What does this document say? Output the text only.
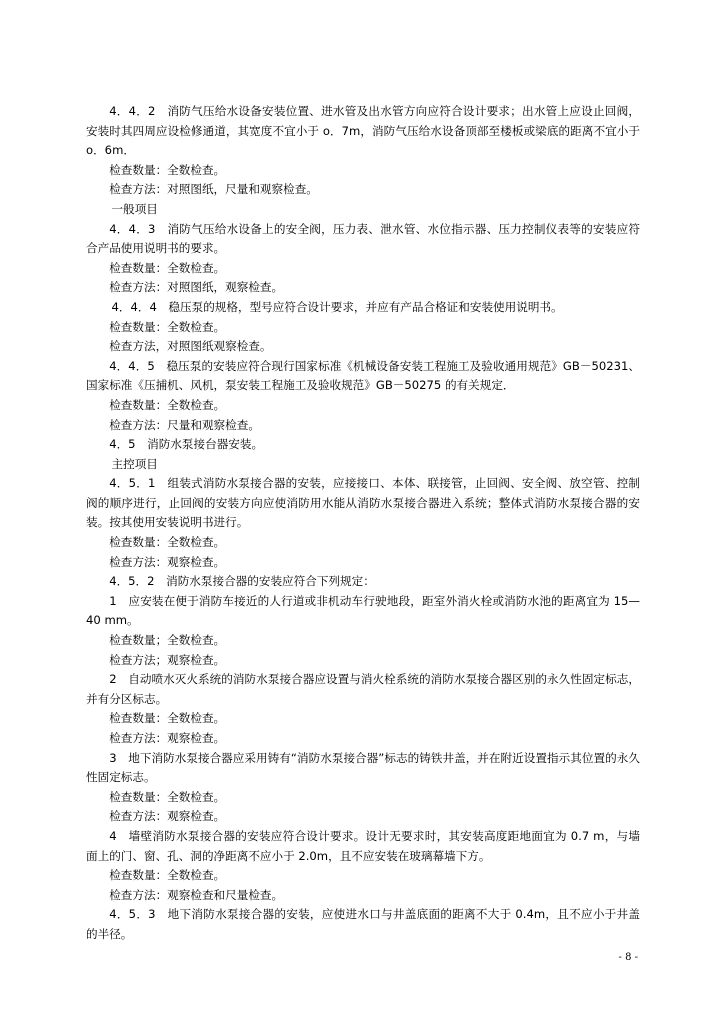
4．4．2　消防气压给水设备安装位置、进水管及出水管方向应符合设计要求；出水管上应设止回阀，安装时其四周应设检修通道，其宽度不宜小于 o．7m，消防气压给水设备顶部至楼板或梁底的距离不宜小于 o．6m．

检查数量：全数检查。

检查方法：对照图纸，尺量和观察检查。

一般项目

4．4．3　消防气压给水设备上的安全阀，压力表、泄水管、水位指示器、压力控制仪表等的安装应符合产品使用说明书的要求。

检查数量：全数检查。

检查方法：对照图纸，观察检查。

4．4．4　稳压泵的规格，型号应符合设计要求，并应有产品合格证和安装使用说明书。

检查数量：全数检查。

检查方法，对照图纸观察检查。

4．4．5　稳压泵的安装应符合现行国家标准《机械设备安装工程施工及验收通用规范》GB－50231、国家标准《压捕机、风机，泵安装工程施工及验收规范》GB－50275 的有关规定．

检查数量：全数检查。

检查方法：尺量和观察检查。

4．5　消防水泵接台器安装。

主控项目

4．5．1　组装式消防水泵接合器的安装，应接接口、本体、联接管，止回阀、安全阀、放空管、控制阀的顺序进行，止回阀的安装方向应使消防用水能从消防水泵接合器进入系统；整体式消防水泵接合器的安装。按其使用安装说明书进行。

检查数量：全数检查。

检查方法：观察检查。

4．5．2　消防水泵接合器的安装应符合下列规定：

1　应安装在便于消防车接近的人行道或非机动车行驶地段，距室外消火栓或消防水池的距离宜为 15—40 mm。

检查数量；全数检查。

检查方法；观察检查。

2　自动喷水灭火系统的消防水泵接合器应设置与消火栓系统的消防水泵接合器区别的永久性固定标志，并有分区标志。

检查数量：全数检查。

检查方法：观察检查。

3　地下消防水泵接合器应采用铸有“消防水泵接合器”标志的铸铁井盖，并在附近设置指示其位置的永久性固定标志。

检查数量：全数检查。

检查方法：观察检查。

4　墙壁消防水泵接合器的安装应符合设计要求。设计无要求时，其安装高度距地面宜为 0.7 m，与墙面上的门、窗、孔、洞的净距离不应小于 2.0m，且不应安装在玻璃幕墙下方。

检查数量：全数检查。

检查方法：观察检查和尺量检查。

4．5．3　地下消防水泵接合器的安装，应使进水口与井盖底面的距离不大于 0.4m，且不应小于井盖的半径。

- 8 -
